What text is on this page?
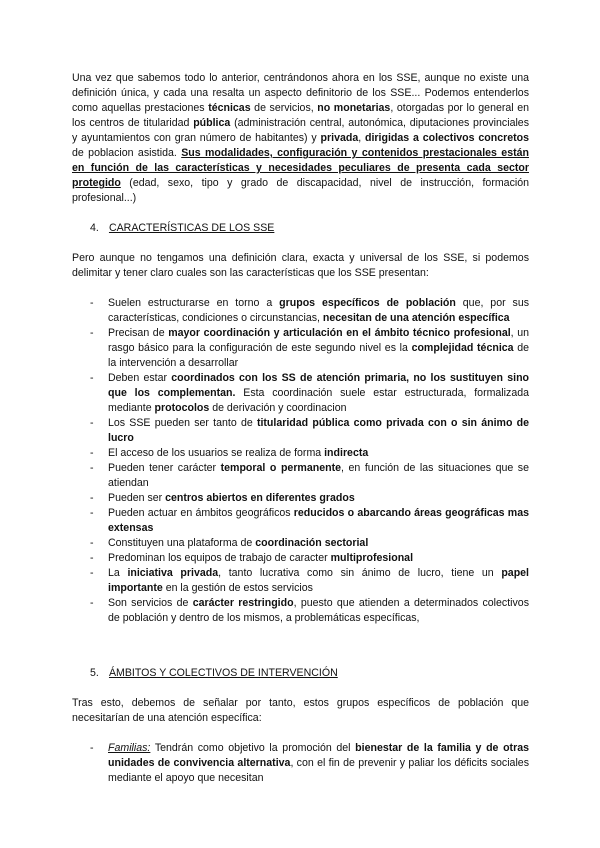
Una vez que sabemos todo lo anterior, centrándonos ahora en los SSE, aunque no existe una definición única, y cada una resalta un aspecto definitorio de los SSE... Podemos entenderlos como aquellas prestaciones técnicas de servicios, no monetarias, otorgadas por lo general en los centros de titularidad pública (administración central, autonómica, diputaciones provinciales y ayuntamientos con gran número de habitantes) y privada, dirigidas a colectivos concretos de poblacion asistida. Sus modalidades, configuración y contenidos prestacionales están en función de las características y necesidades peculiares de presenta cada sector protegido (edad, sexo, tipo y grado de discapacidad, nivel de instrucción, formación profesional...)

4. CARACTERÍSTICAS DE LOS SSE

Pero aunque no tengamos una definición clara, exacta y universal de los SSE, si podemos delimitar y tener claro cuales son las características que los SSE presentan:

- Suelen estructurarse en torno a grupos específicos de población que, por sus características, condiciones o circunstancias, necesitan de una atención específica
- Precisan de mayor coordinación y articulación en el ámbito técnico profesional, un rasgo básico para la configuración de este segundo nivel es la complejidad técnica de la intervención a desarrollar
- Deben estar coordinados con los SS de atención primaria, no los sustituyen sino que los complementan. Esta coordinación suele estar estructurada, formalizada mediante protocolos de derivación y coordinacion
- Los SSE pueden ser tanto de titularidad pública como privada con o sin ánimo de lucro
- El acceso de los usuarios se realiza de forma indirecta
- Pueden tener carácter temporal o permanente, en función de las situaciones que se atiendan
- Pueden ser centros abiertos en diferentes grados
- Pueden actuar en ámbitos geográficos reducidos o abarcando áreas geográficas mas extensas
- Constituyen una plataforma de coordinación sectorial
- Predominan los equipos de trabajo de caracter multiprofesional
- La iniciativa privada, tanto lucrativa como sin ánimo de lucro, tiene un papel importante en la gestión de estos servicios
- Son servicios de carácter restringido, puesto que atienden a determinados colectivos de población y dentro de los mismos, a problemáticas específicas,

5. ÁMBITOS Y COLECTIVOS DE INTERVENCIÓN

Tras esto, debemos de señalar por tanto, estos grupos específicos de población que necesitarían de una atención específica:

- Familias: Tendrán como objetivo la promoción del bienestar de la familia y de otras unidades de convivencia alternativa, con el fin de prevenir y paliar los déficits sociales mediante el apoyo que necesitan
